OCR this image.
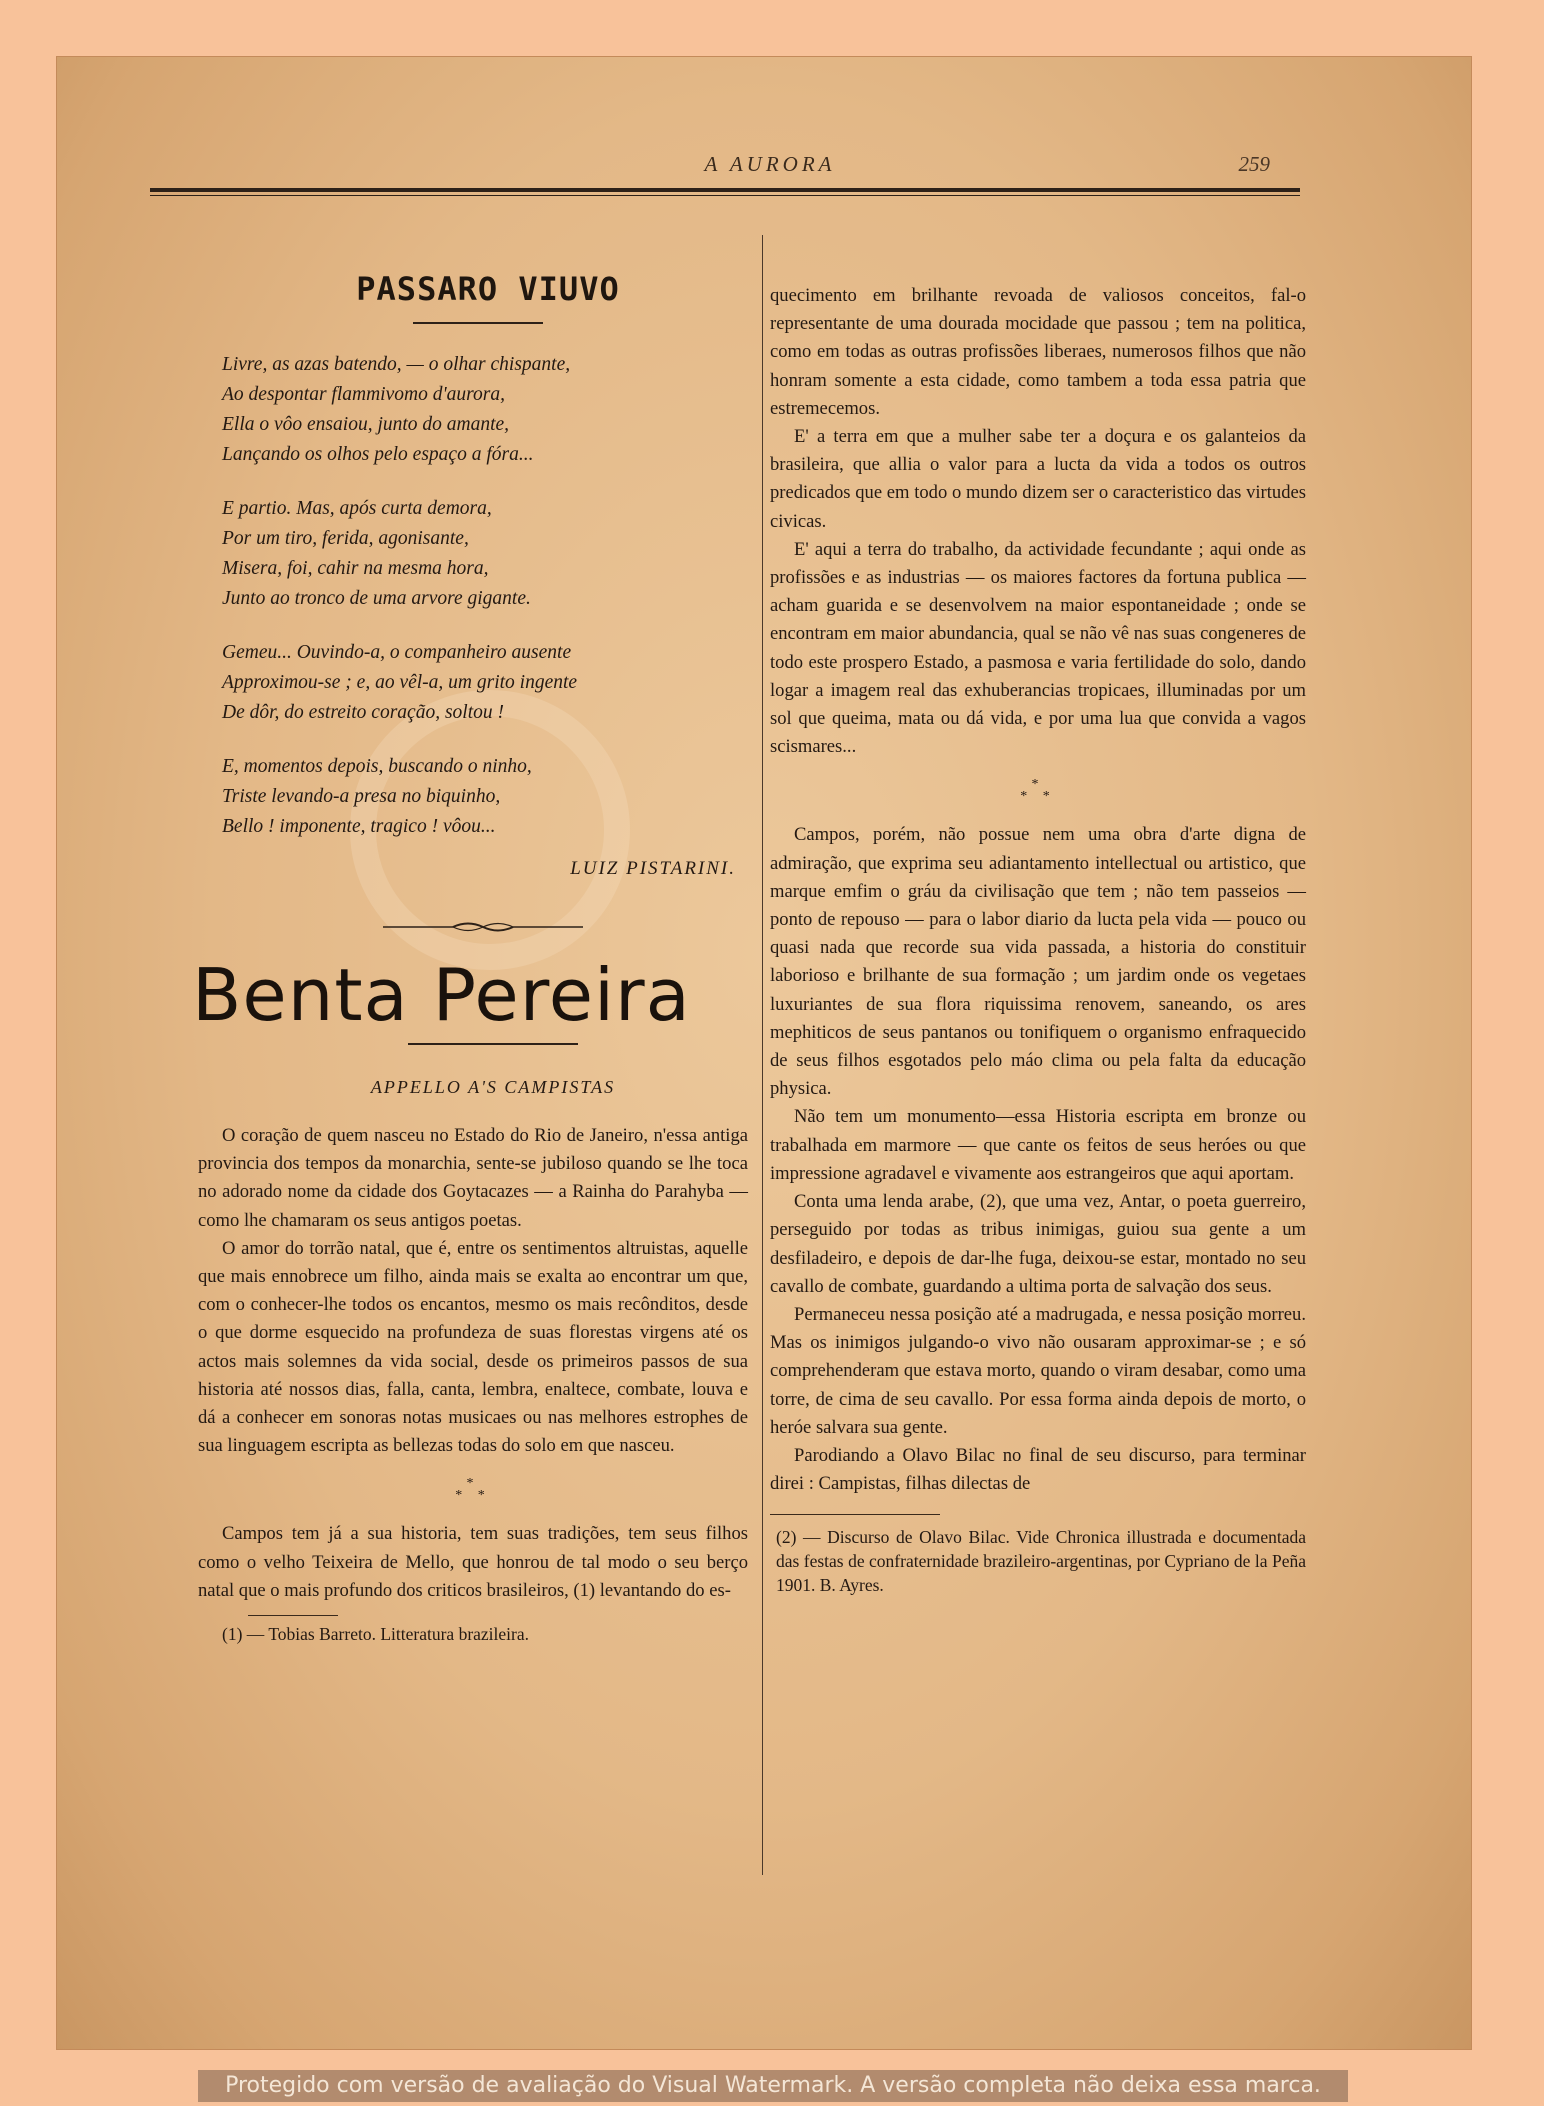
A AURORA	259
PASSARO VIUVO
Livre, as azas batendo, — o olhar chispante,
Ao despontar flammivomo d'aurora,
Ella o vôo ensaiou, junto do amante,
Lançando os olhos pelo espaço a fóra...
E partio. Mas, após curta demora,
Por um tiro, ferida, agonisante,
Misera, foi, cahir na mesma hora,
Junto ao tronco de uma arvore gigante.
Gemeu... Ouvindo-a, o companheiro ausente
Approximou-se ; e, ao vêl-a, um grito ingente
De dôr, do estreito coração, soltou !
E, momentos depois, buscando o ninho,
Triste levando-a presa no biquinho,
Bello ! imponente, tragico ! vôou...
LUIZ PISTARINI.
Benta Pereira
APPELLO A'S CAMPISTAS

O coração de quem nasceu no Estado do Rio de Janeiro, n'essa antiga provincia dos tempos da monarchia, sente-se jubiloso quando se lhe toca no adorado nome da cidade dos Goytacazes — a Rainha do Parahyba — como lhe chamaram os seus antigos poetas.

O amor do torrão natal, que é, entre os sentimentos altruistas, aquelle que mais ennobrece um filho, ainda mais se exalta ao encontrar um que, com o conhecer-lhe todos os encantos, mesmo os mais recônditos, desde o que dorme esquecido na profundeza de suas florestas virgens até os actos mais solemnes da vida social, desde os primeiros passos de sua historia até nossos dias, falla, canta, lembra, enaltece, combate, louva e dá a conhecer em sonoras notas musicaes ou nas melhores estrophes de sua linguagem escripta as bellezas todas do solo em que nasceu.

*
* *

Campos tem já a sua historia, tem suas tradições, tem seus filhos como o velho Teixeira de Mello, que honrou de tal modo o seu berço natal que o mais profundo dos criticos brasileiros, (1) levantando do es-

(1) — Tobias Barreto. Litteratura brazileira.

quecimento em brilhante revoada de valiosos conceitos, fal-o representante de uma dourada mocidade que passou ; tem na politica, como em todas as outras profissões liberaes, numerosos filhos que não honram somente a esta cidade, como tambem a toda essa patria que estremecemos.

E' a terra em que a mulher sabe ter a doçura e os galanteios da brasileira, que allia o valor para a lucta da vida a todos os outros predicados que em todo o mundo dizem ser o caracteristico das virtudes civicas.

E' aqui a terra do trabalho, da actividade fecundante ; aqui onde as profissões e as industrias — os maiores factores da fortuna publica — acham guarida e se desenvolvem na maior espontaneidade ; onde se encontram em maior abundancia, qual se não vê nas suas congeneres de todo este prospero Estado, a pasmosa e varia fertilidade do solo, dando logar a imagem real das exhuberancias tropicaes, illuminadas por um sol que queima, mata ou dá vida, e por uma lua que convida a vagos scismares...

*
* *

Campos, porém, não possue nem uma obra d'arte digna de admiração, que exprima seu adiantamento intellectual ou artistico, que marque emfim o gráu da civilisação que tem ; não tem passeios — ponto de repouso — para o labor diario da lucta pela vida — pouco ou quasi nada que recorde sua vida passada, a historia do constituir laborioso e brilhante de sua formação ; um jardim onde os vegetaes luxuriantes de sua flora riquissima renovem, saneando, os ares mephiticos de seus pantanos ou tonifiquem o organismo enfraquecido de seus filhos esgotados pelo máo clima ou pela falta da educação physica.

Não tem um monumento—essa Historia escripta em bronze ou trabalhada em marmore — que cante os feitos de seus heróes ou que impressione agradavel e vivamente aos estrangeiros que aqui aportam.

Conta uma lenda arabe, (2), que uma vez, Antar, o poeta guerreiro, perseguido por todas as tribus inimigas, guiou sua gente a um desfiladeiro, e depois de dar-lhe fuga, deixou-se estar, montado no seu cavallo de combate, guardando a ultima porta de salvação dos seus.

Permaneceu nessa posição até a madrugada, e nessa posição morreu. Mas os inimigos julgando-o vivo não ousaram approximar-se ; e só comprehenderam que estava morto, quando o viram desabar, como uma torre, de cima de seu cavallo. Por essa forma ainda depois de morto, o heróe salvara sua gente.

Parodiando a Olavo Bilac no final de seu discurso, para terminar direi : Campistas, filhas dilectas de

(2) — Discurso de Olavo Bilac. Vide Chronica illustrada e documentada das festas de confraternidade brazileiro-argentinas, por Cypriano de la Peña 1901. B. Ayres.

Protegido com versão de avaliação do Visual Watermark. A versão completa não deixa essa marca.
